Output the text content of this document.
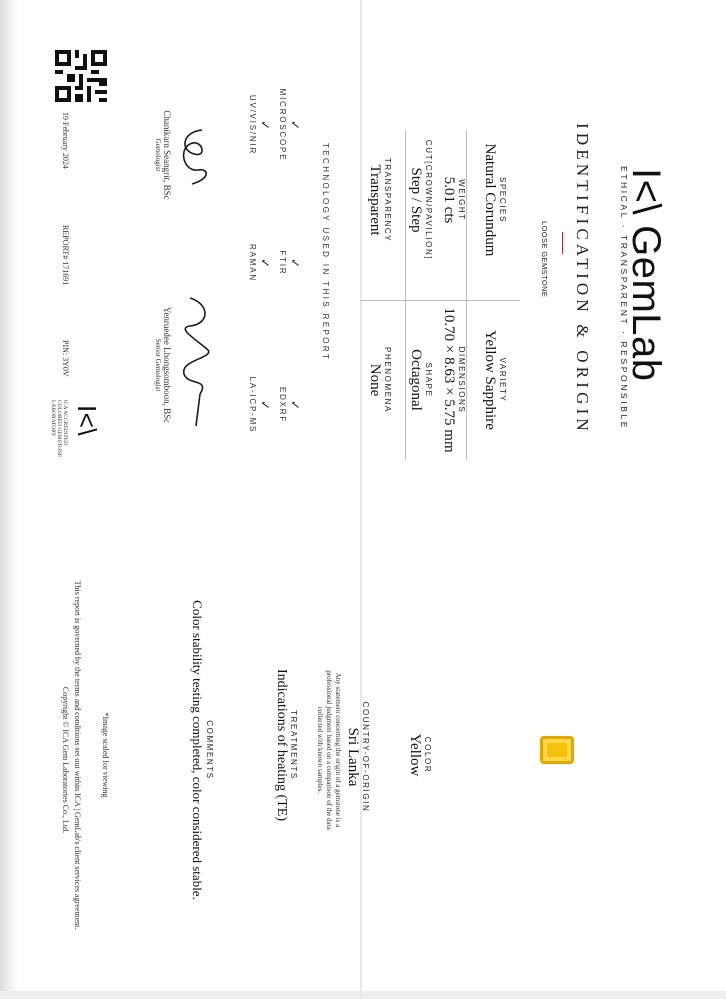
I<\GemLab
ETHICAL · TRANSPARENT · RESPONSIBLE
IDENTIFICATION & ORIGIN
LOOSE GEMSTONE
SPECIES
Natural Corundum
VARIETY
Yellow Sapphire
WEIGHT
5.01 cts
DIMENSIONS
10.70 × 8.63 × 5.75 mm
CUT[CROWN/PAVILION]
Step / Step
SHAPE
Octagonal
TRANSPARENCY
Transparent
PHENOMENA
None
TECHNOLOGY USED IN THIS REPORT
✓
MICROSCOPE
✓
FTIR
✓
EDXRF
✓
UV/VIS/NIR
✓
RAMAN
✓
LA-ICP-MS
Chanikarn Seangrit, BSc
Gemologist
Yenruedee Lhongsomboon, BSc
Senior Gemologist
19 February 2024
REPORT# 171691
PIN: 3Y0V
I<\
ICA ACCREDITED COLORED GEMSTONE LABORATORY
COLOR
Yellow
COUNTRY-OF-ORIGIN
Sri Lanka
Any statement concerning the origin of a gemstone is a professional judgment based on a comparison of the data collected with known samples.
TREATMENTS
Indications of heating (TE)
COMMENTS
Color stability testing completed, color considered stable.
*Image scaled for viewing
This report is governed by the terms and conditions set out within ICA | GemLab's client services agreement.
Copyright © ICA Gem Laboratories Co., Ltd.
